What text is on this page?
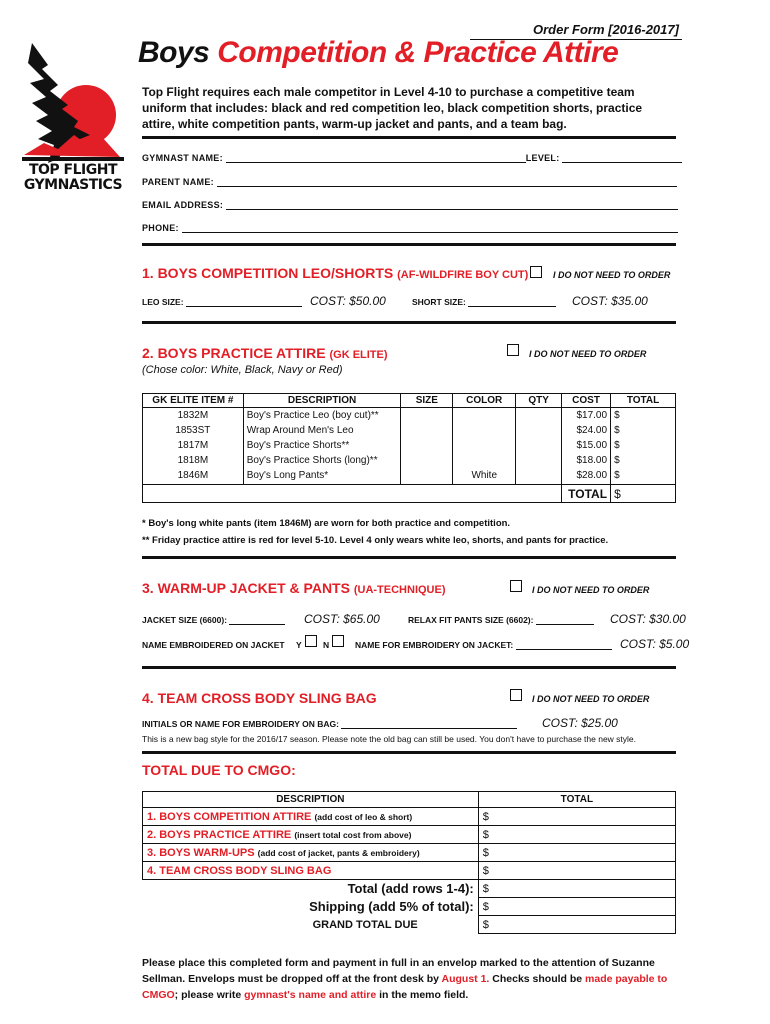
TOP FLIGHT
GYMNASTICS
Order Form [2016-2017]
Boys Competition & Practice Attire
Top Flight requires each male competitor in Level 4-10 to purchase a competitive team uniform that includes: black and red competition leo, black competition shorts, practice attire, white competition pants, warm-up jacket and pants, and a team bag.
GYMNAST NAME:	LEVEL:
PARENT NAME:
EMAIL ADDRESS:
PHONE:
1. BOYS COMPETITION LEO/SHORTS (AF-WILDFIRE BOY CUT)	I DO NOT NEED TO ORDER
LEO SIZE:	COST: $50.00	SHORT SIZE:	COST: $35.00
2. BOYS PRACTICE ATTIRE (GK ELITE)	I DO NOT NEED TO ORDER
(Chose color: White, Black, Navy or Red)
GK ELITE ITEM #	DESCRIPTION	SIZE	COLOR	QTY	COST	TOTAL
1832M	Boy's Practice Leo (boy cut)**				$17.00	$
1853ST	Wrap Around Men's Leo				$24.00	$
1817M	Boy's Practice Shorts**				$15.00	$
1818M	Boy's Practice Shorts (long)**				$18.00	$
1846M	Boy's Long Pants*		White		$28.00	$
					TOTAL	$
* Boy's long white pants (item 1846M) are worn for both practice and competition.
** Friday practice attire is red for level 5-10. Level 4 only wears white leo, shorts, and pants for practice.
3. WARM-UP JACKET & PANTS (UA-TECHNIQUE)	I DO NOT NEED TO ORDER
JACKET SIZE (6600):	COST: $65.00	RELAX FIT PANTS SIZE (6602):	COST: $30.00
NAME EMBROIDERED ON JACKET Y	N	NAME FOR EMBROIDERY ON JACKET:	COST: $5.00
4. TEAM CROSS BODY SLING BAG	I DO NOT NEED TO ORDER
INITIALS OR NAME FOR EMBROIDERY ON BAG:	COST: $25.00
This is a new bag style for the 2016/17 season. Please note the old bag can still be used. You don't have to purchase the new style.
TOTAL DUE TO CMGO:
DESCRIPTION	TOTAL
1. BOYS COMPETITION ATTIRE (add cost of leo & short)	$
2. BOYS PRACTICE ATTIRE (insert total cost from above)	$
3. BOYS WARM-UPS (add cost of jacket, pants & embroidery)	$
4. TEAM CROSS BODY SLING BAG	$
Total (add rows 1-4):	$
Shipping (add 5% of total):	$
GRAND TOTAL DUE	$
Please place this completed form and payment in full in an envelop marked to the attention of Suzanne Sellman. Envelops must be dropped off at the front desk by August 1. Checks should be made payable to CMGO; please write gymnast's name and attire in the memo field.
